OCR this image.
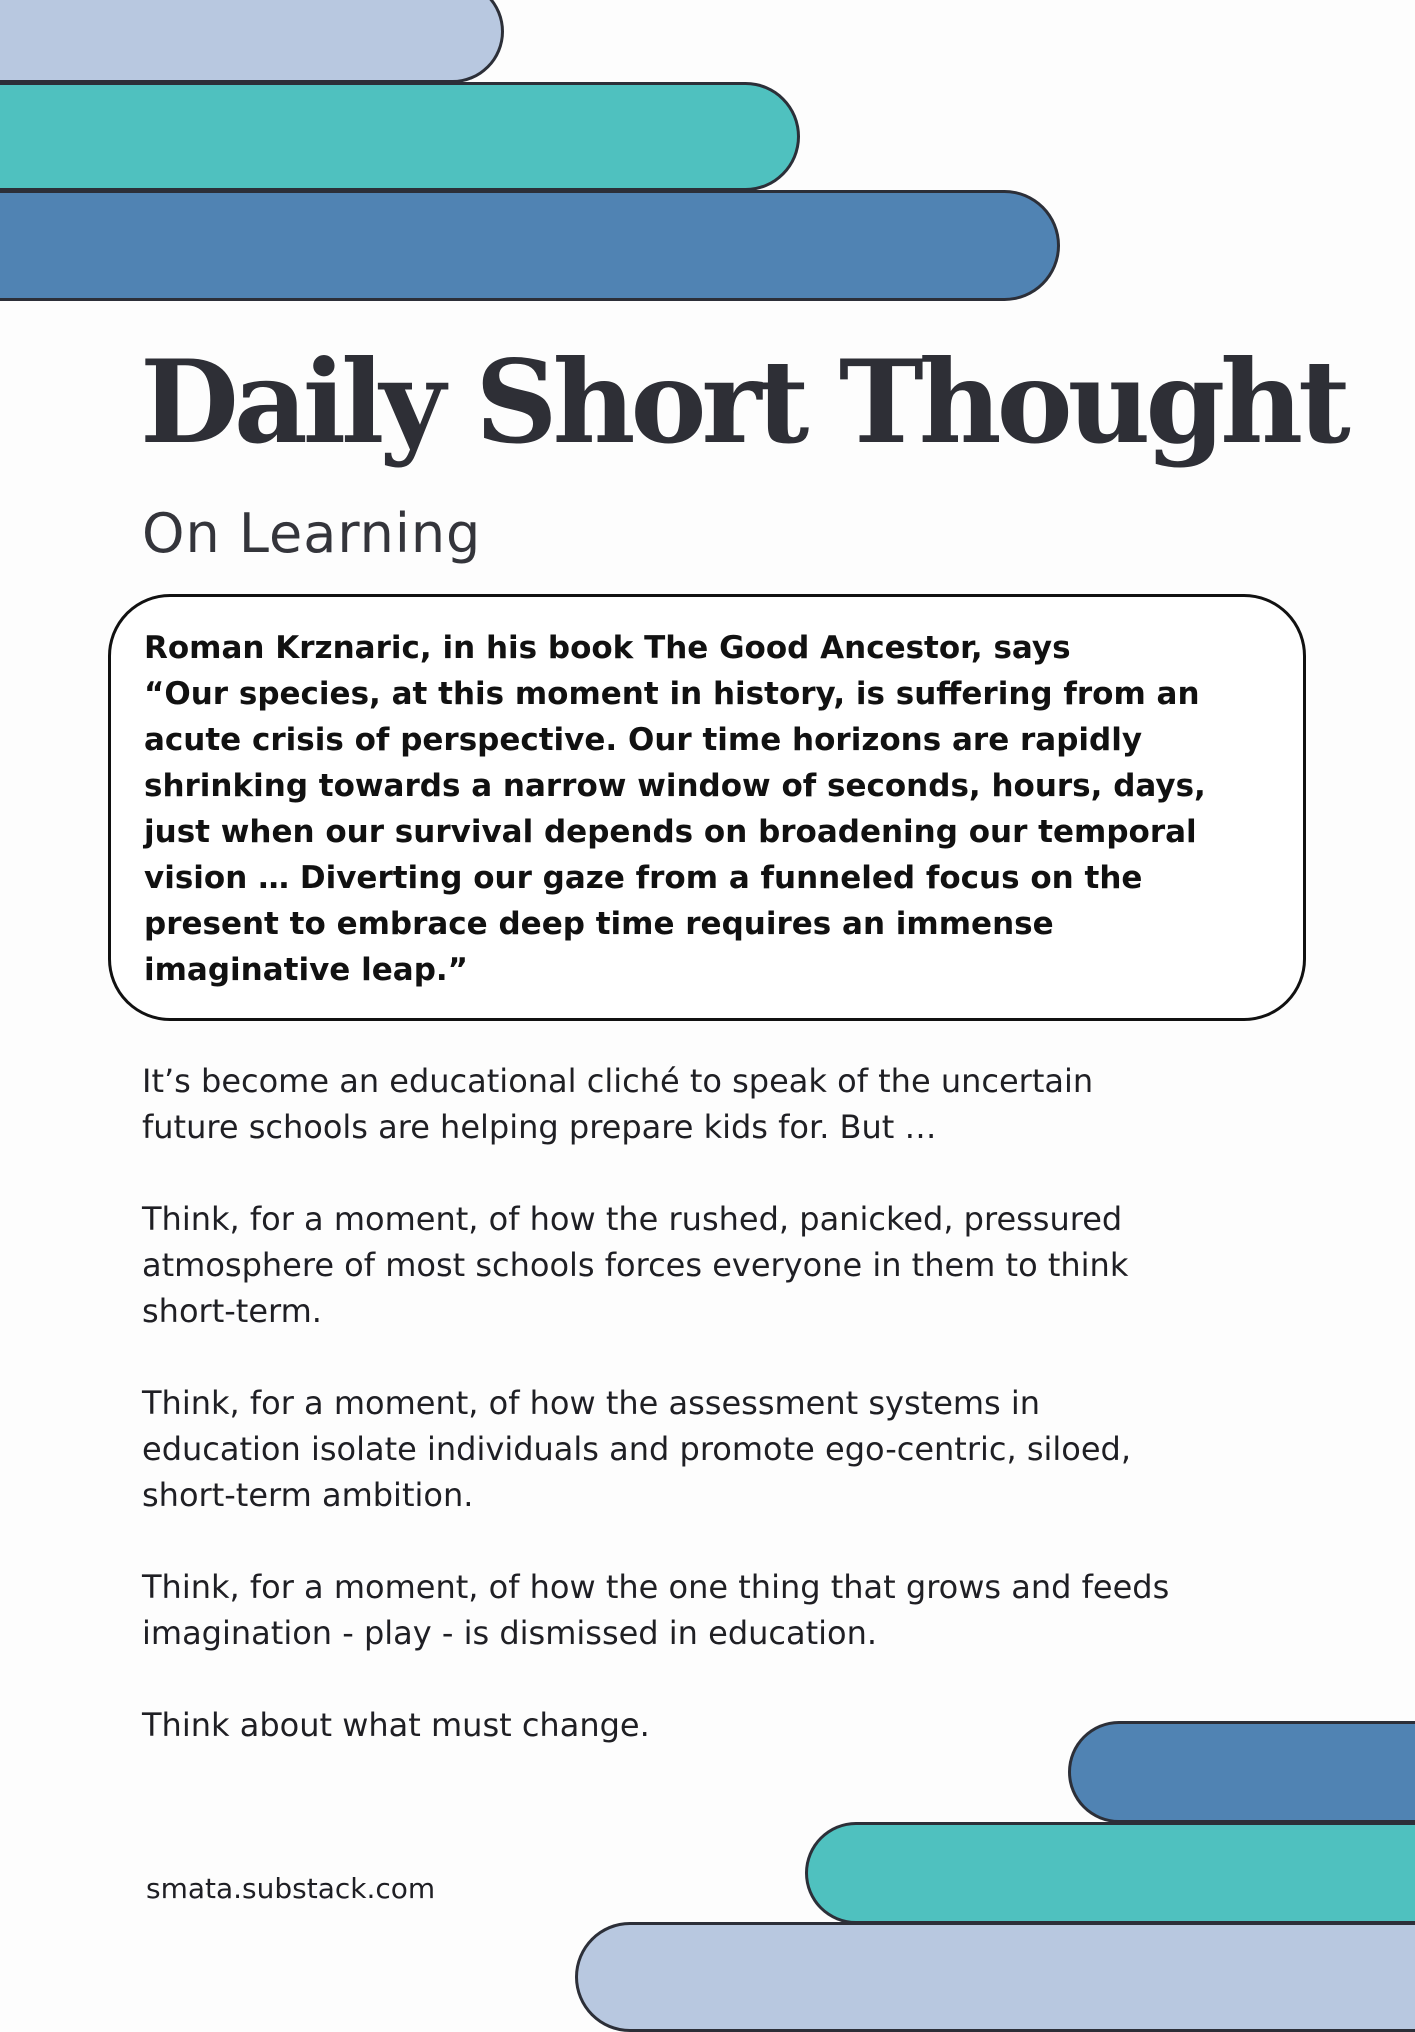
Daily Short Thought
On Learning

Roman Krznaric, in his book The Good Ancestor, says

“Our species, at this moment in history, is suffering from an

acute crisis of perspective. Our time horizons are rapidly

shrinking towards a narrow window of seconds, hours, days,

just when our survival depends on broadening our temporal

vision … Diverting our gaze from a funneled focus on the

present to embrace deep time requires an immense

imaginative leap.”

It’s become an educational cliché to speak of the uncertain

future schools are helping prepare kids for. But …

Think, for a moment, of how the rushed, panicked, pressured

atmosphere of most schools forces everyone in them to think

short-term.

Think, for a moment, of how the assessment systems in

education isolate individuals and promote ego-centric, siloed,

short-term ambition.

Think, for a moment, of how the one thing that grows and feeds

imagination - play - is dismissed in education.

Think about what must change.

smata.substack.com
